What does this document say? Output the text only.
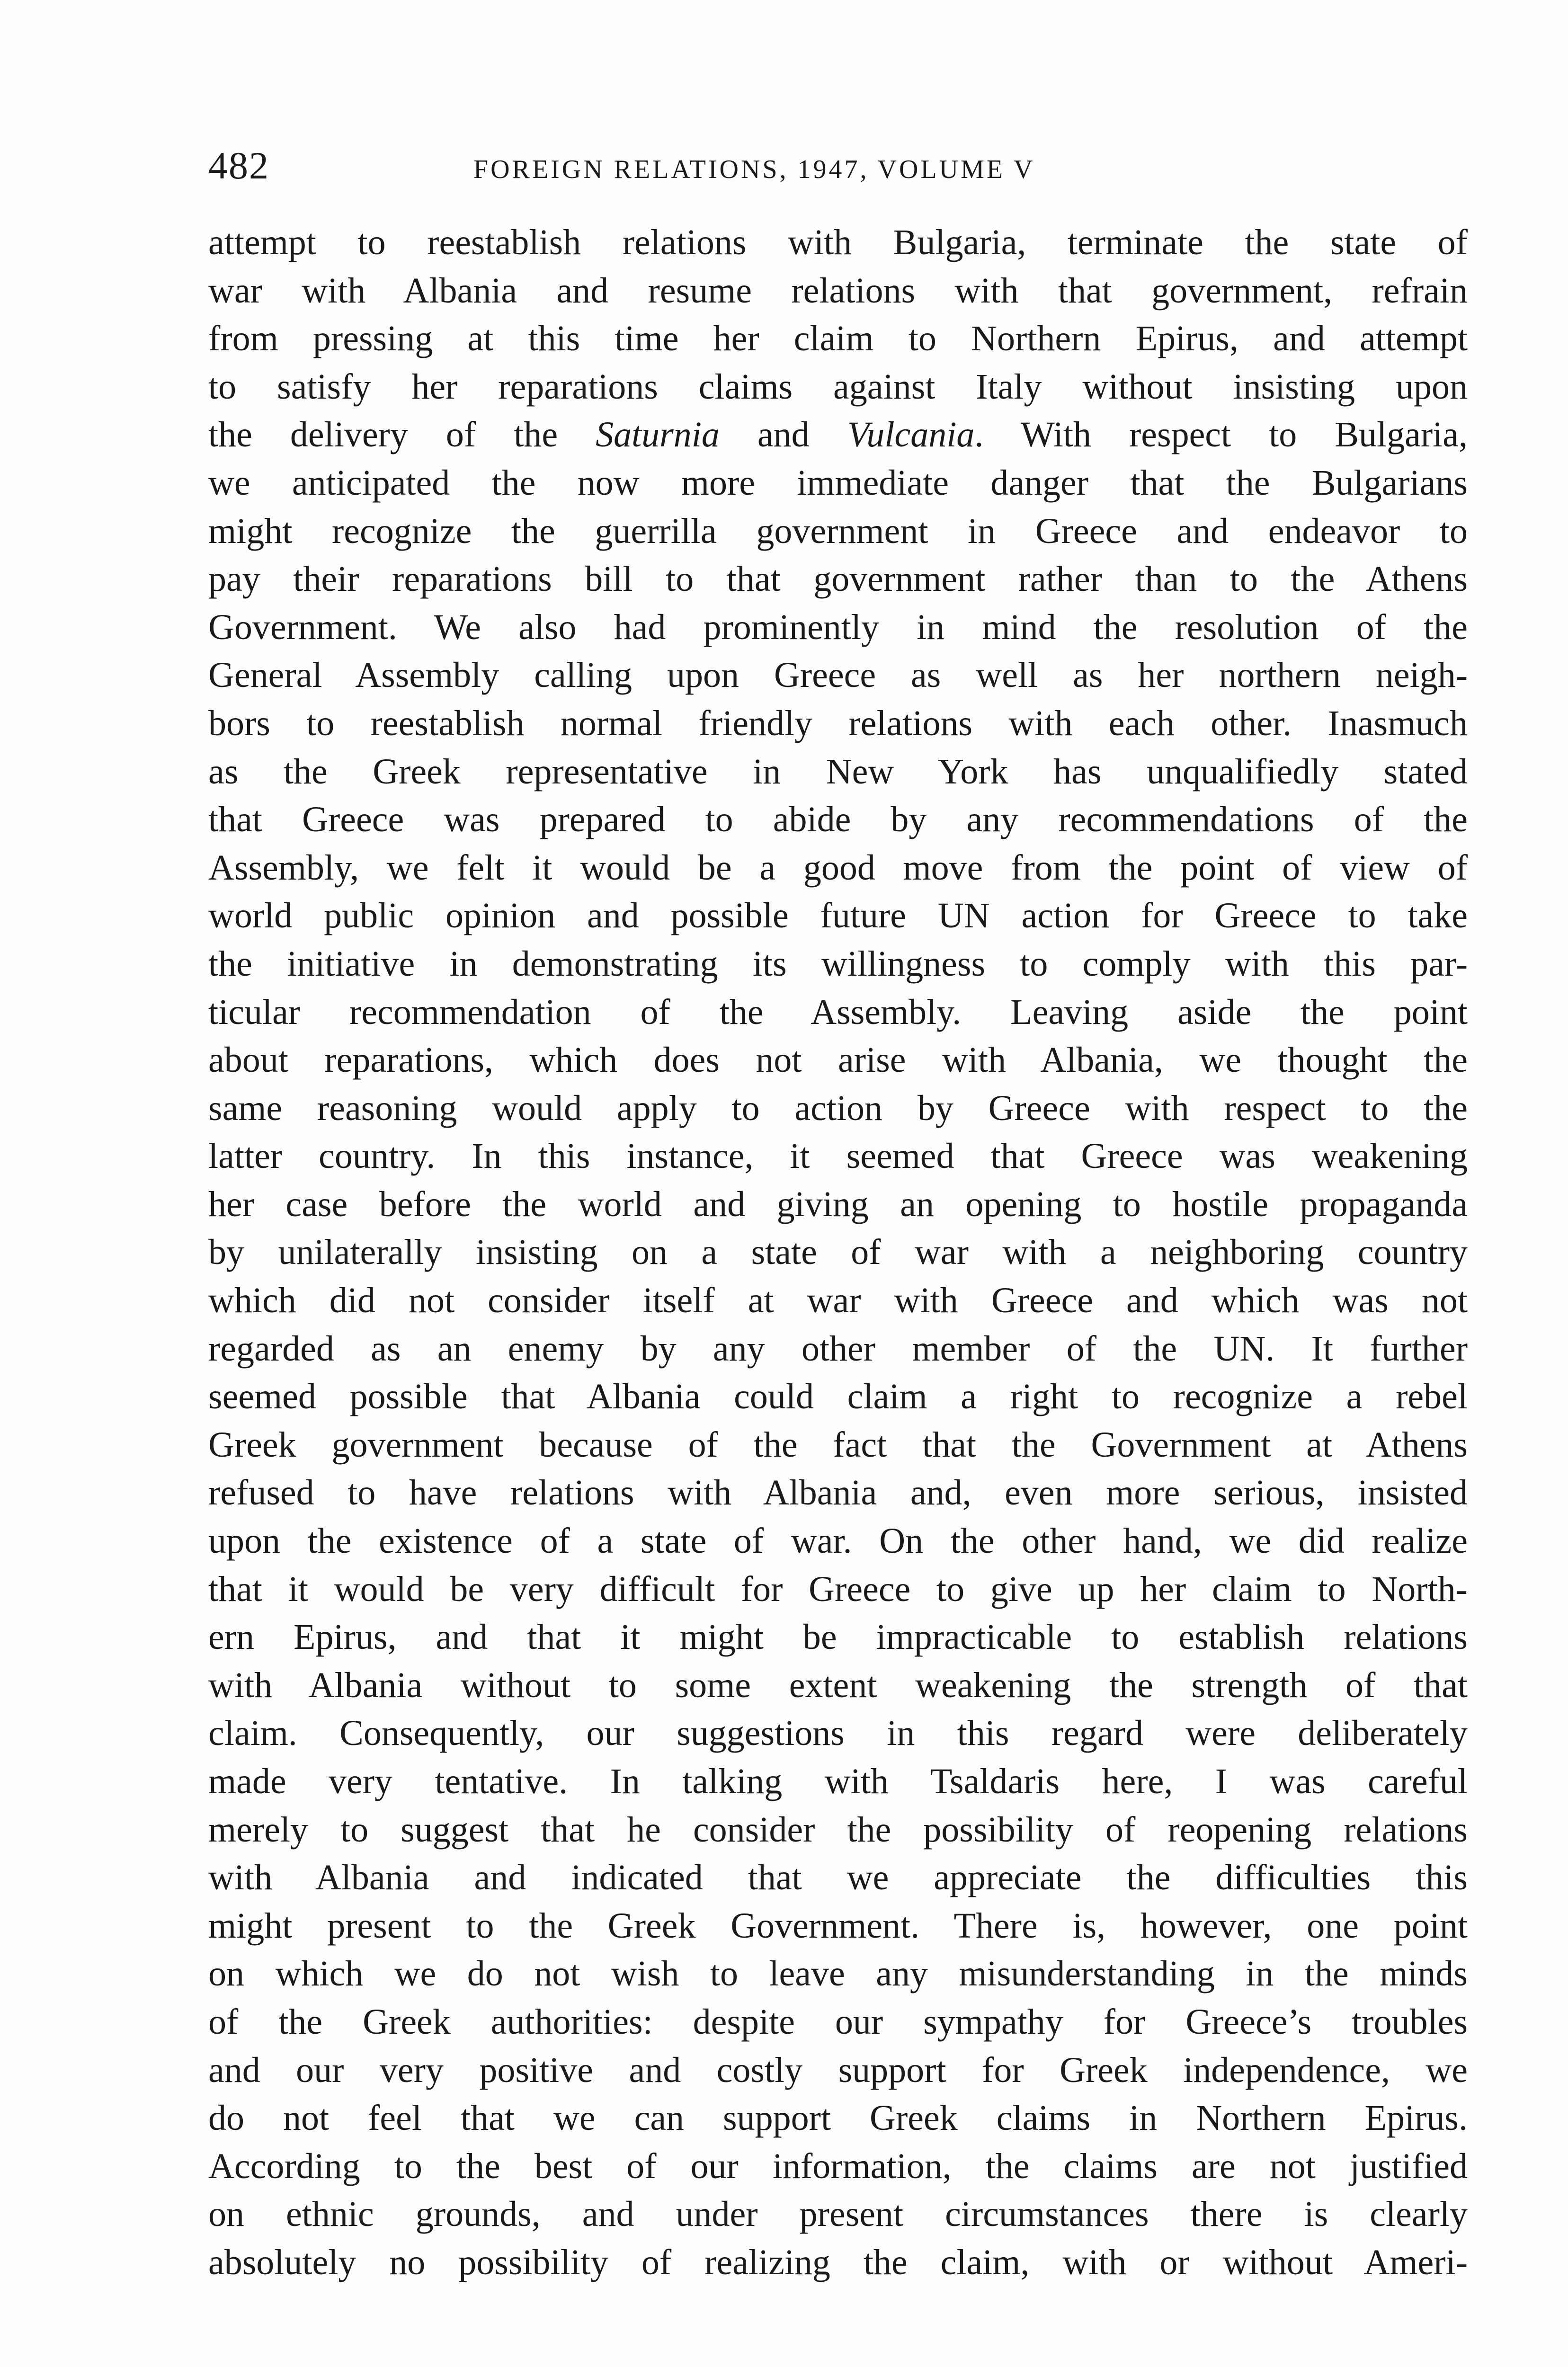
482	FOREIGN RELATIONS, 1947, VOLUME V
attempt to reestablish relations with Bulgaria, terminate the state of
war with Albania and resume relations with that government, refrain
from pressing at this time her claim to Northern Epirus, and attempt
to satisfy her reparations claims against Italy without insisting upon
the delivery of the Saturnia and Vulcania. With respect to Bulgaria,
we anticipated the now more immediate danger that the Bulgarians
might recognize the guerrilla government in Greece and endeavor to
pay their reparations bill to that government rather than to the Athens
Government. We also had prominently in mind the resolution of the
General Assembly calling upon Greece as well as her northern neigh-
bors to reestablish normal friendly relations with each other. Inasmuch
as the Greek representative in New York has unqualifiedly stated
that Greece was prepared to abide by any recommendations of the
Assembly, we felt it would be a good move from the point of view of
world public opinion and possible future UN action for Greece to take
the initiative in demonstrating its willingness to comply with this par-
ticular recommendation of the Assembly. Leaving aside the point
about reparations, which does not arise with Albania, we thought the
same reasoning would apply to action by Greece with respect to the
latter country. In this instance, it seemed that Greece was weakening
her case before the world and giving an opening to hostile propaganda
by unilaterally insisting on a state of war with a neighboring country
which did not consider itself at war with Greece and which was not
regarded as an enemy by any other member of the UN. It further
seemed possible that Albania could claim a right to recognize a rebel
Greek government because of the fact that the Government at Athens
refused to have relations with Albania and, even more serious, insisted
upon the existence of a state of war. On the other hand, we did realize
that it would be very difficult for Greece to give up her claim to North-
ern Epirus, and that it might be impracticable to establish relations
with Albania without to some extent weakening the strength of that
claim. Consequently, our suggestions in this regard were deliberately
made very tentative. In talking with Tsaldaris here, I was careful
merely to suggest that he consider the possibility of reopening relations
with Albania and indicated that we appreciate the difficulties this
might present to the Greek Government. There is, however, one point
on which we do not wish to leave any misunderstanding in the minds
of the Greek authorities: despite our sympathy for Greece’s troubles
and our very positive and costly support for Greek independence, we
do not feel that we can support Greek claims in Northern Epirus.
According to the best of our information, the claims are not justified
on ethnic grounds, and under present circumstances there is clearly
absolutely no possibility of realizing the claim, with or without Ameri-
